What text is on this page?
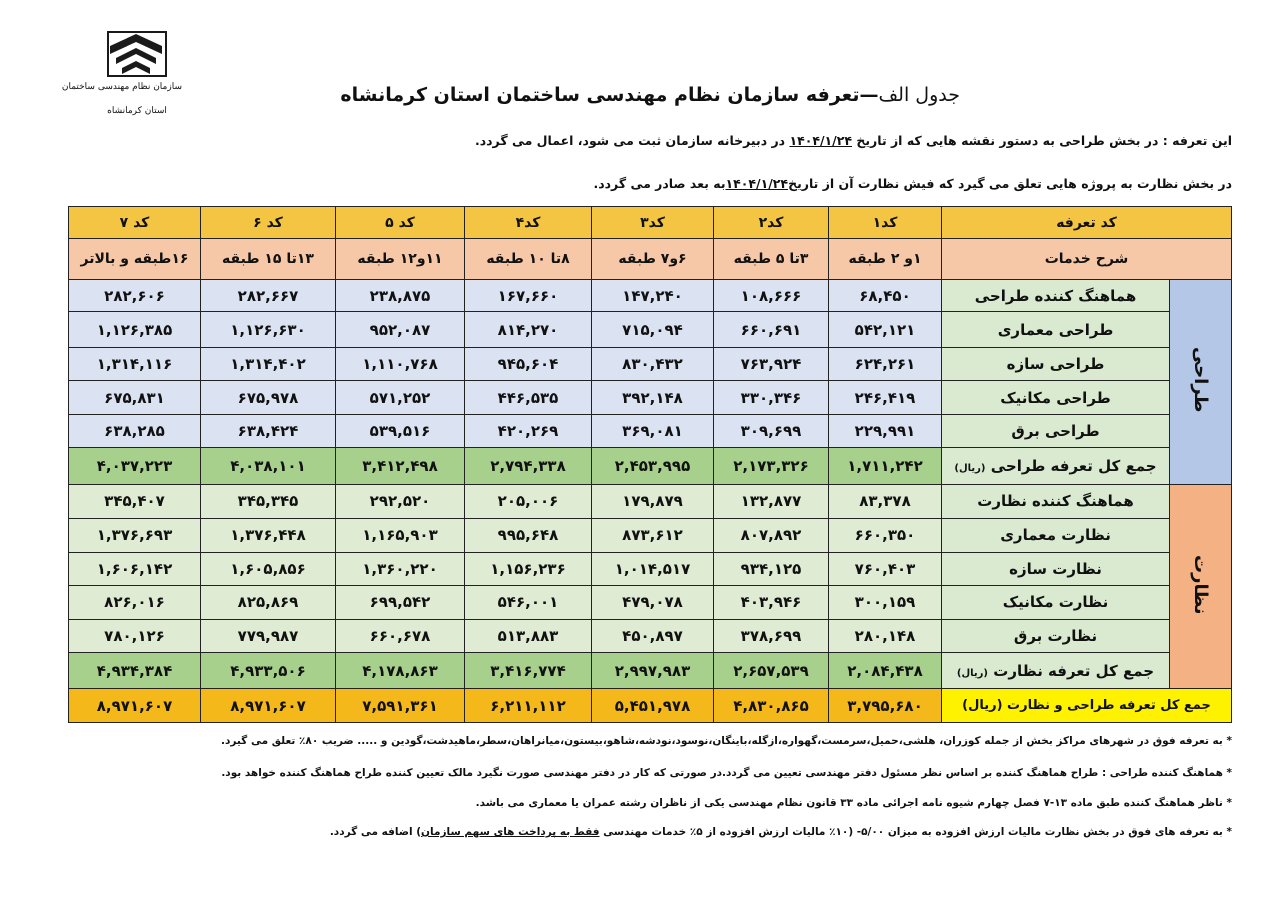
سازمان نظام مهندسی ساختمان
استان کرمانشاه
جدول الف—تعرفه سازمان نظام مهندسی ساختمان استان کرمانشاه
این تعرفه : در بخش طراحی به دستور نقشه هایی که از تاریخ ۱۴۰۴/۱/۲۴ در دبیرخانه سازمان ثبت می شود، اعمال می گردد.
در بخش نظارت به پروژه هایی تعلق می گیرد که فیش نظارت آن از تاریخ۱۴۰۴/۱/۲۴به بعد صادر می گردد.
کد تعرفه		کد۱	کد۲	کد۳	کد۴	کد ۵	کد ۶	کد ۷
شرح خدمات		۱و ۲ طبقه	۳تا ۵ طبقه	۶و۷ طبقه	۸تا ۱۰ طبقه	۱۱و۱۲ طبقه	۱۳تا ۱۵ طبقه	۱۶طبقه و بالاتر
طراحی	هماهنگ کننده طراحی	۶۸,۴۵۰	۱۰۸,۶۶۶	۱۴۷,۲۴۰	۱۶۷,۶۶۰	۲۳۸,۸۷۵	۲۸۲,۶۶۷	۲۸۲,۶۰۶
	طراحی معماری	۵۴۲,۱۲۱	۶۶۰,۶۹۱	۷۱۵,۰۹۴	۸۱۴,۲۷۰	۹۵۲,۰۸۷	۱,۱۲۶,۶۳۰	۱,۱۲۶,۳۸۵
	طراحی سازه	۶۲۴,۲۶۱	۷۶۳,۹۲۴	۸۳۰,۴۳۲	۹۴۵,۶۰۴	۱,۱۱۰,۷۶۸	۱,۳۱۴,۴۰۲	۱,۳۱۴,۱۱۶
	طراحی مکانیک	۲۴۶,۴۱۹	۳۳۰,۳۴۶	۳۹۲,۱۴۸	۴۴۶,۵۳۵	۵۷۱,۲۵۲	۶۷۵,۹۷۸	۶۷۵,۸۳۱
	طراحی برق	۲۲۹,۹۹۱	۳۰۹,۶۹۹	۳۶۹,۰۸۱	۴۲۰,۲۶۹	۵۳۹,۵۱۶	۶۳۸,۴۲۴	۶۳۸,۲۸۵
	جمع کل تعرفه طراحی (ریال)	۱,۷۱۱,۲۴۲	۲,۱۷۳,۳۲۶	۲,۴۵۳,۹۹۵	۲,۷۹۴,۳۳۸	۳,۴۱۲,۴۹۸	۴,۰۳۸,۱۰۱	۴,۰۳۷,۲۲۳
نظارت	هماهنگ کننده نظارت	۸۳,۳۷۸	۱۳۲,۸۷۷	۱۷۹,۸۷۹	۲۰۵,۰۰۶	۲۹۲,۵۲۰	۳۴۵,۳۴۵	۳۴۵,۴۰۷
	نظارت معماری	۶۶۰,۳۵۰	۸۰۷,۸۹۲	۸۷۳,۶۱۲	۹۹۵,۶۴۸	۱,۱۶۵,۹۰۳	۱,۳۷۶,۴۴۸	۱,۳۷۶,۶۹۳
	نظارت سازه	۷۶۰,۴۰۳	۹۳۴,۱۲۵	۱,۰۱۴,۵۱۷	۱,۱۵۶,۲۳۶	۱,۳۶۰,۲۲۰	۱,۶۰۵,۸۵۶	۱,۶۰۶,۱۴۲
	نظارت مکانیک	۳۰۰,۱۵۹	۴۰۳,۹۴۶	۴۷۹,۰۷۸	۵۴۶,۰۰۱	۶۹۹,۵۴۲	۸۲۵,۸۶۹	۸۲۶,۰۱۶
	نظارت برق	۲۸۰,۱۴۸	۳۷۸,۶۹۹	۴۵۰,۸۹۷	۵۱۳,۸۸۳	۶۶۰,۶۷۸	۷۷۹,۹۸۷	۷۸۰,۱۲۶
	جمع کل تعرفه نظارت (ریال)	۲,۰۸۴,۴۳۸	۲,۶۵۷,۵۳۹	۲,۹۹۷,۹۸۳	۳,۴۱۶,۷۷۴	۴,۱۷۸,۸۶۳	۴,۹۳۳,۵۰۶	۴,۹۳۴,۳۸۴
جمع کل تعرفه طراحی و نظارت (ریال)		۳,۷۹۵,۶۸۰	۴,۸۳۰,۸۶۵	۵,۴۵۱,۹۷۸	۶,۲۱۱,۱۱۲	۷,۵۹۱,۳۶۱	۸,۹۷۱,۶۰۷	۸,۹۷۱,۶۰۷
* به تعرفه فوق در شهرهای مراکز بخش از جمله کوزران، هلشی،حمیل،سرمست،گهواره،ازگله،باینگان،نوسود،نودشه،شاهو،بیستون،میانراهان،سطر،ماهیدشت،گودین و ..... ضریب ۸۰٪ تعلق می گیرد.
* هماهنگ کننده طراحی : طراح هماهنگ کننده بر اساس نظر مسئول دفتر مهندسی تعیین می گردد.در صورتی که کار در دفتر مهندسی صورت نگیرد مالک تعیین کننده طراح هماهنگ کننده خواهد بود.
* ناظر هماهنگ کننده طبق ماده ۱۳-۷ فصل چهارم شیوه نامه اجرائی ماده ۳۳ قانون نظام مهندسی یکی از ناظران رشته عمران یا معماری می باشد.
* به تعرفه های فوق در بخش نظارت مالیات ارزش افزوده به میزان ۵/۰۰- (۱۰٪ مالیات ارزش افزوده از ۵٪ خدمات مهندسی فقط به پرداخت های سهم سازمان) اضافه می گردد.
